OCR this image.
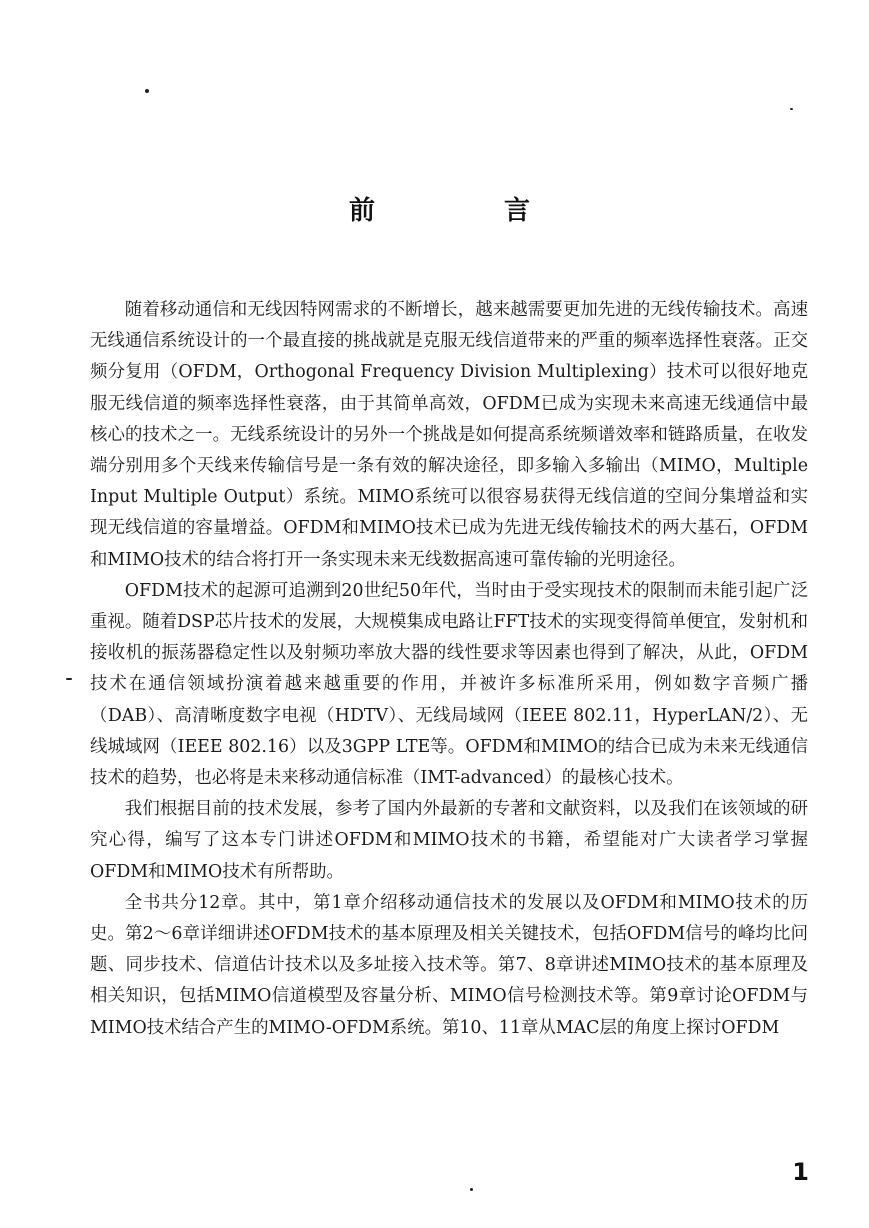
前 言

随着移动通信和无线因特网需求的不断增长，越来越需要更加先进的无线传输技术。高速无线通信系统设计的一个最直接的挑战就是克服无线信道带来的严重的频率选择性衰落。正交频分复用（OFDM，Orthogonal Frequency Division Multiplexing）技术可以很好地克服无线信道的频率选择性衰落，由于其简单高效，OFDM已成为实现未来高速无线通信中最核心的技术之一。无线系统设计的另外一个挑战是如何提高系统频谱效率和链路质量，在收发端分别用多个天线来传输信号是一条有效的解决途径，即多输入多输出（MIMO，Multiple Input Multiple Output）系统。MIMO系统可以很容易获得无线信道的空间分集增益和实现无线信道的容量增益。OFDM和MIMO技术已成为先进无线传输技术的两大基石，OFDM和MIMO技术的结合将打开一条实现未来无线数据高速可靠传输的光明途径。

OFDM技术的起源可追溯到20世纪50年代，当时由于受实现技术的限制而未能引起广泛重视。随着DSP芯片技术的发展，大规模集成电路让FFT技术的实现变得简单便宜，发射机和接收机的振荡器稳定性以及射频功率放大器的线性要求等因素也得到了解决，从此，OFDM技术在通信领域扮演着越来越重要的作用，并被许多标准所采用，例如数字音频广播（DAB）、高清晰度数字电视（HDTV）、无线局域网（IEEE 802.11，HyperLAN/2）、无线城域网（IEEE 802.16）以及3GPP LTE等。OFDM和MIMO的结合已成为未来无线通信技术的趋势，也必将是未来移动通信标准（IMT-advanced）的最核心技术。

我们根据目前的技术发展，参考了国内外最新的专著和文献资料，以及我们在该领域的研究心得，编写了这本专门讲述OFDM和MIMO技术的书籍，希望能对广大读者学习掌握OFDM和MIMO技术有所帮助。

全书共分12章。其中，第1章介绍移动通信技术的发展以及OFDM和MIMO技术的历史。第2～6章详细讲述OFDM技术的基本原理及相关关键技术，包括OFDM信号的峰均比问题、同步技术、信道估计技术以及多址接入技术等。第7、8章讲述MIMO技术的基本原理及相关知识，包括MIMO信道模型及容量分析、MIMO信号检测技术等。第9章讨论OFDM与MIMO技术结合产生的MIMO-OFDM系统。第10、11章从MAC层的角度上探讨OFDM

1
